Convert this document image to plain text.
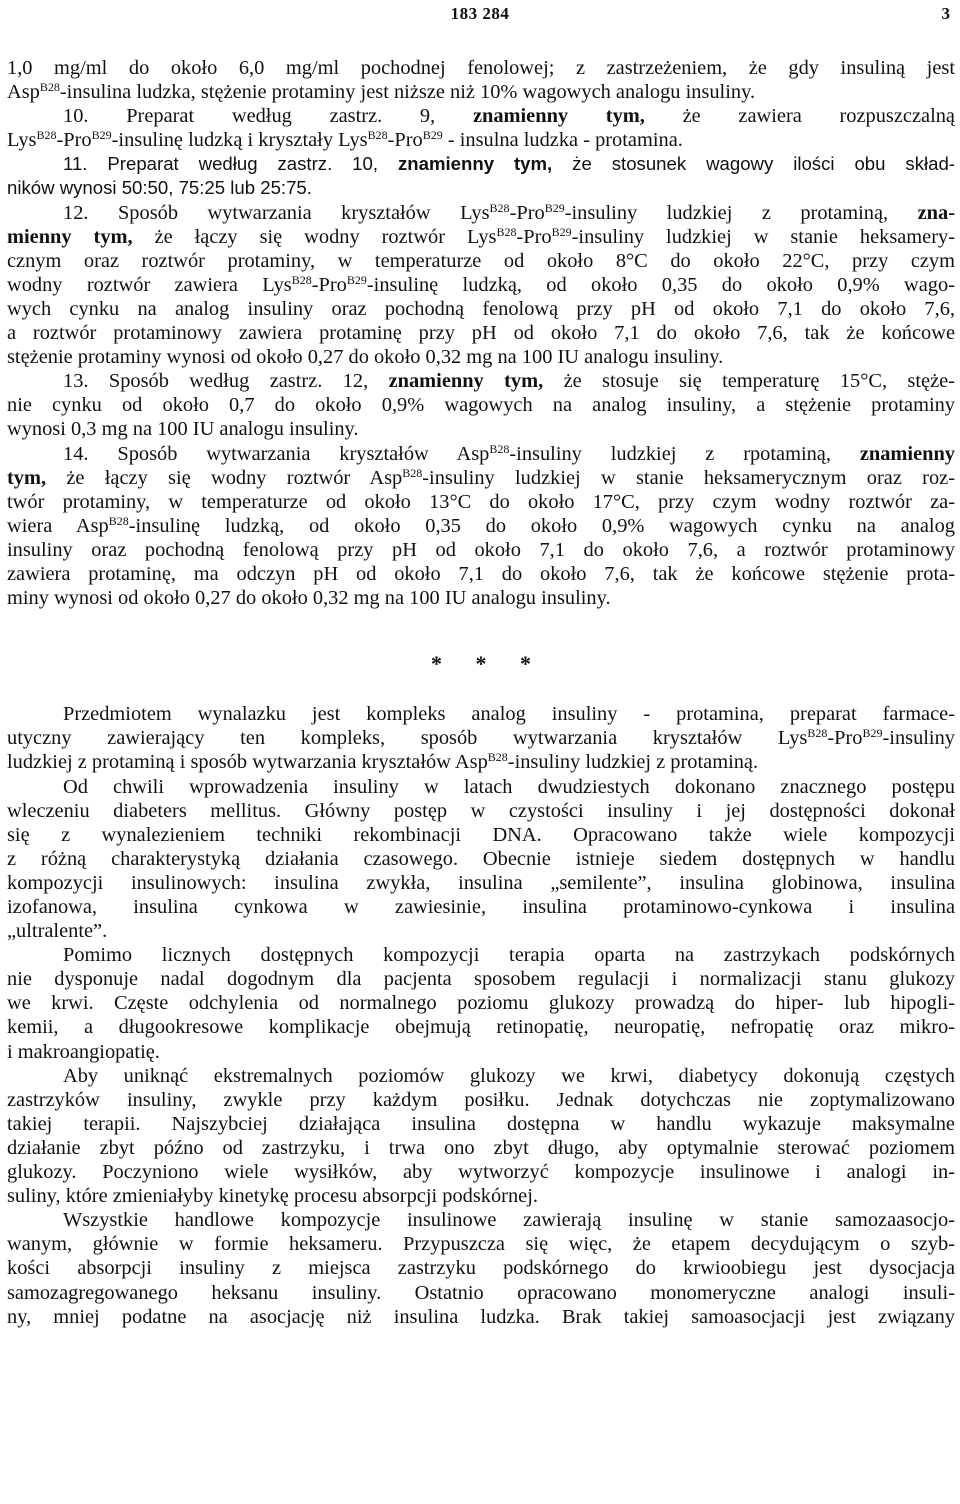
183 284	3
1,0 mg/ml do około 6,0 mg/ml pochodnej fenolowej; z zastrzeżeniem, że gdy insuliną jest
Asp$^{B28}$-insulina ludzka, stężenie protaminy jest niższe niż 10% wagowych analogu insuliny.
10. Preparat według zastrz. 9, znamienny tym, że zawiera rozpuszczalną
Lys$^{B28}$-Pro$^{B29}$-insulinę ludzką i kryształy Lys$^{B28}$-Pro$^{B29}$ - insulna ludzka - protamina.
11. Preparat według zastrz. 10, znamienny tym, że stosunek wagowy ilości obu skład-
ników wynosi 50:50, 75:25 lub 25:75.
12. Sposób wytwarzania kryształów Lys$^{B28}$-Pro$^{B29}$-insuliny ludzkiej z protaminą, zna-
mienny tym, że łączy się wodny roztwór Lys$^{B28}$-Pro$^{B29}$-insuliny ludzkiej w stanie heksamery-
cznym oraz roztwór protaminy, w temperaturze od około 8°C do około 22°C, przy czym
wodny roztwór zawiera Lys$^{B28}$-Pro$^{B29}$-insulinę ludzką, od około 0,35 do około 0,9% wago-
wych cynku na analog insuliny oraz pochodną fenolową przy pH od około 7,1 do około 7,6,
a roztwór protaminowy zawiera protaminę przy pH od około 7,1 do około 7,6, tak że końcowe
stężenie protaminy wynosi od około 0,27 do około 0,32 mg na 100 IU analogu insuliny.
13. Sposób według zastrz. 12, znamienny tym, że stosuje się temperaturę 15°C, stęże-
nie cynku od około 0,7 do około 0,9% wagowych na analog insuliny, a stężenie protaminy
wynosi 0,3 mg na 100 IU analogu insuliny.
14. Sposób wytwarzania kryształów Asp$^{B28}$-insuliny ludzkiej z rpotaminą, znamienny
tym, że łączy się wodny roztwór Asp$^{B28}$-insuliny ludzkiej w stanie heksamerycznym oraz roz-
twór protaminy, w temperaturze od około 13°C do około 17°C, przy czym wodny roztwór za-
wiera Asp$^{B28}$-insulinę ludzką, od około 0,35 do około 0,9% wagowych cynku na analog
insuliny oraz pochodną fenolową przy pH od około 7,1 do około 7,6, a roztwór protaminowy
zawiera protaminę, ma odczyn pH od około 7,1 do około 7,6, tak że końcowe stężenie prota-
miny wynosi od około 0,27 do około 0,32 mg na 100 IU analogu insuliny.
* * *
Przedmiotem wynalazku jest kompleks analog insuliny - protamina, preparat farmace-
utyczny zawierający ten kompleks, sposób wytwarzania kryształów Lys$^{B28}$-Pro$^{B29}$-insuliny
ludzkiej z protaminą i sposób wytwarzania kryształów Asp$^{B28}$-insuliny ludzkiej z protaminą.
Od chwili wprowadzenia insuliny w latach dwudziestych dokonano znacznego postępu
wleczeniu diabeters mellitus. Główny postęp w czystości insuliny i jej dostępności dokonał
się z wynalezieniem techniki rekombinacji DNA. Opracowano także wiele kompozycji
z różną charakterystyką działania czasowego. Obecnie istnieje siedem dostępnych w handlu
kompozycji insulinowych: insulina zwykła, insulina „semilente”, insulina globinowa, insulina
izofanowa, insulina cynkowa w zawiesinie, insulina protaminowo-cynkowa i insulina
„ultralente”.
Pomimo licznych dostępnych kompozycji terapia oparta na zastrzykach podskórnych
nie dysponuje nadal dogodnym dla pacjenta sposobem regulacji i normalizacji stanu glukozy
we krwi. Częste odchylenia od normalnego poziomu glukozy prowadzą do hiper- lub hipogli-
kemii, a długookresowe komplikacje obejmują retinopatię, neuropatię, nefropatię oraz mikro-
i makroangiopatię.
Aby uniknąć ekstremalnych poziomów glukozy we krwi, diabetycy dokonują częstych
zastrzyków insuliny, zwykle przy każdym posiłku. Jednak dotychczas nie zoptymalizowano
takiej terapii. Najszybciej działająca insulina dostępna w handlu wykazuje maksymalne
działanie zbyt późno od zastrzyku, i trwa ono zbyt długo, aby optymalnie sterować poziomem
glukozy. Poczyniono wiele wysiłków, aby wytworzyć kompozycje insulinowe i analogi in-
suliny, które zmieniałyby kinetykę procesu absorpcji podskórnej.
Wszystkie handlowe kompozycje insulinowe zawierają insulinę w stanie samozaasocjo-
wanym, głównie w formie heksameru. Przypuszcza się więc, że etapem decydującym o szyb-
kości absorpcji insuliny z miejsca zastrzyku podskórnego do krwioobiegu jest dysocjacja
samozagregowanego heksanu insuliny. Ostatnio opracowano monomeryczne analogi insuli-
ny, mniej podatne na asocjację niż insulina ludzka. Brak takiej samoasocjacji jest związany
